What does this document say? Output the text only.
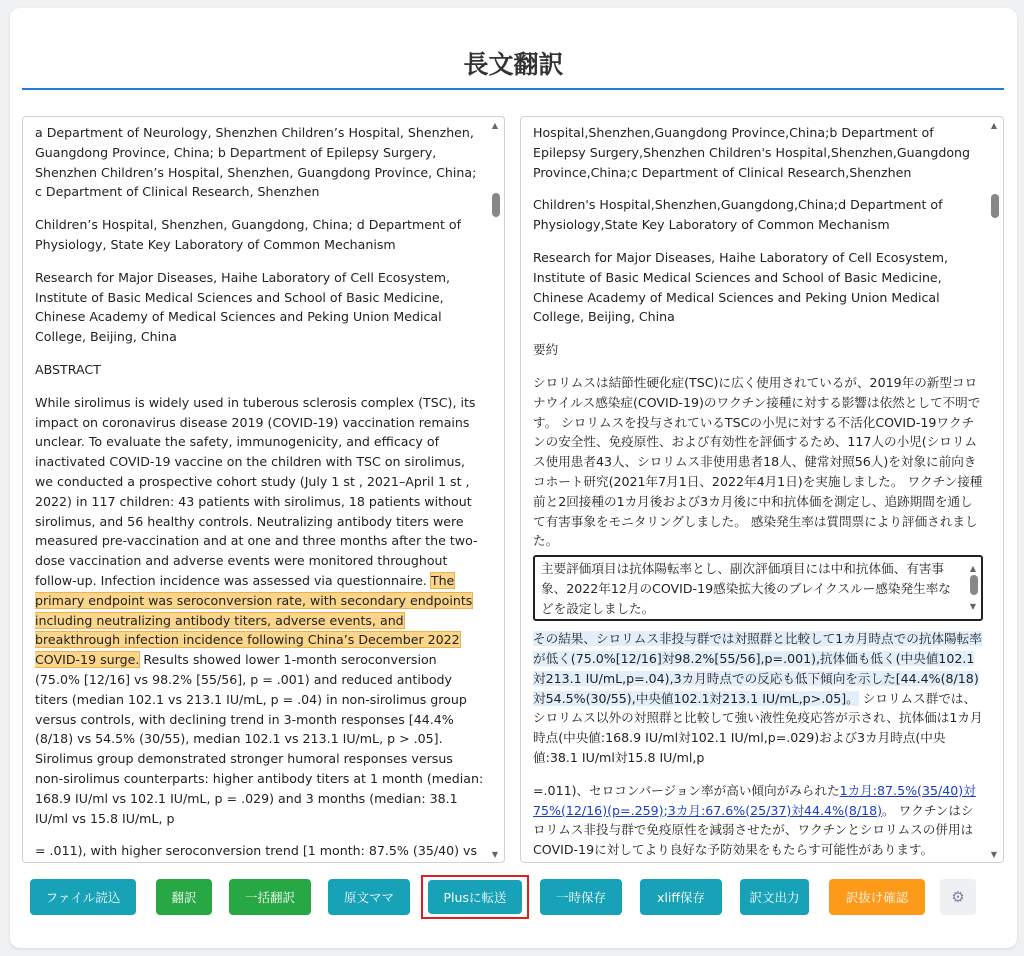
長文翻訳

a Department of Neurology, Shenzhen Children’s Hospital, Shenzhen, Guangdong Province, China; b Department of Epilepsy Surgery, Shenzhen Children’s Hospital, Shenzhen, Guangdong Province, China; c Department of Clinical Research, Shenzhen

Children’s Hospital, Shenzhen, Guangdong, China; d Department of Physiology, State Key Laboratory of Common Mechanism

Research for Major Diseases, Haihe Laboratory of Cell Ecosystem, Institute of Basic Medical Sciences and School of Basic Medicine, Chinese Academy of Medical Sciences and Peking Union Medical College, Beijing, China

ABSTRACT

While sirolimus is widely used in tuberous sclerosis complex (TSC), its impact on coronavirus disease 2019 (COVID-19) vaccination remains unclear. To evaluate the safety, immunogenicity, and efficacy of inactivated COVID-19 vaccine on the children with TSC on sirolimus, we conducted a prospective cohort study (July 1 st , 2021–April 1 st , 2022) in 117 children: 43 patients with sirolimus, 18 patients without sirolimus, and 56 healthy controls. Neutralizing antibody titers were measured pre-vaccination and at one and three months after the two-dose vaccination and adverse events were monitored throughout follow-up. Infection incidence was assessed via questionnaire. The primary endpoint was seroconversion rate, with secondary endpoints including neutralizing antibody titers, adverse events, and breakthrough infection incidence following China’s December 2022 COVID-19 surge. Results showed lower 1-month seroconversion (75.0% [12/16] vs 98.2% [55/56], p = .001) and reduced antibody titers (median 102.1 vs 213.1 IU/mL, p = .04) in non-sirolimus group versus controls, with declining trend in 3-month responses [44.4% (8/18) vs 54.5% (30/55), median 102.1 vs 213.1 IU/mL, p > .05]. Sirolimus group demonstrated stronger humoral responses versus non-sirolimus counterparts: higher antibody titers at 1 month (median: 168.9 IU/ml vs 102.1 IU/mL, p = .029) and 3 months (median: 38.1 IU/ml vs 15.8 IU/mL, p

= .011), with higher seroconversion trend [1 month: 87.5% (35/40) vs

▲
▼

Hospital,Shenzhen,Guangdong Province,China;b Department of Epilepsy Surgery,Shenzhen Children's Hospital,Shenzhen,Guangdong Province,China;c Department of Clinical Research,Shenzhen

Children's Hospital,Shenzhen,Guangdong,China;d Department of Physiology,State Key Laboratory of Common Mechanism

Research for Major Diseases, Haihe Laboratory of Cell Ecosystem, Institute of Basic Medical Sciences and School of Basic Medicine, Chinese Academy of Medical Sciences and Peking Union Medical College, Beijing, China

要約

シロリムスは結節性硬化症(TSC)に広く使用されているが、2019年の新型コロナウイルス感染症(COVID-19)のワクチン接種に対する影響は依然として不明です。 シロリムスを投与されているTSCの小児に対する不活化COVID-19ワクチンの安全性、免疫原性、および有効性を評価するため、117人の小児(シロリムス使用患者43人、シロリムス非使用患者18人、健常対照56人)を対象に前向きコホート研究(2021年7月1日、2022年4月1日)を実施しました。 ワクチン接種前と2回接種の1カ月後および3カ月後に中和抗体価を測定し、追跡期間を通して有害事象をモニタリングしました。 感染発生率は質問票により評価されました。

主要評価項目は抗体陽転率とし、副次評価項目には中和抗体価、有害事象、2022年12月のCOVID-19感染拡大後のブレイクスルー感染発生率などを設定しました。
▲
▼

その結果、シロリムス非投与群では対照群と比較して1カ月時点での抗体陽転率が低く(75.0%[12/16]対98.2%[55/56],p=.001),抗体価も低く(中央値102.1対213.1 IU/mL,p=.04),3カ月時点での反応も低下傾向を示した[44.4%(8/18)対54.5%(30/55),中央値102.1対213.1 IU/mL,p>.05]。 シロリムス群では、シロリムス以外の対照群と比較して強い液性免疫応答が示され、抗体価は1カ月時点(中央値:168.9 IU/ml対102.1 IU/ml,p=.029)および3カ月時点(中央値:38.1 IU/ml対15.8 IU/ml,p

=.011)、セロコンバージョン率が高い傾向がみられた1カ月:87.5%(35/40)対75%(12/16)(p=.259);3カ月:67.6%(25/37)対44.4%(8/18)。 ワクチンはシロリムス非投与群で免疫原性を減弱させたが、ワクチンとシロリムスの併用はCOVID-19に対してより良好な予防効果をもたらす可能性があります。

▲
▼
ファイル読込	翻訳	一括翻訳	原文ママ	Plusに転送	一時保存	xliff保存	訳文出力	訳抜け確認	⚙
